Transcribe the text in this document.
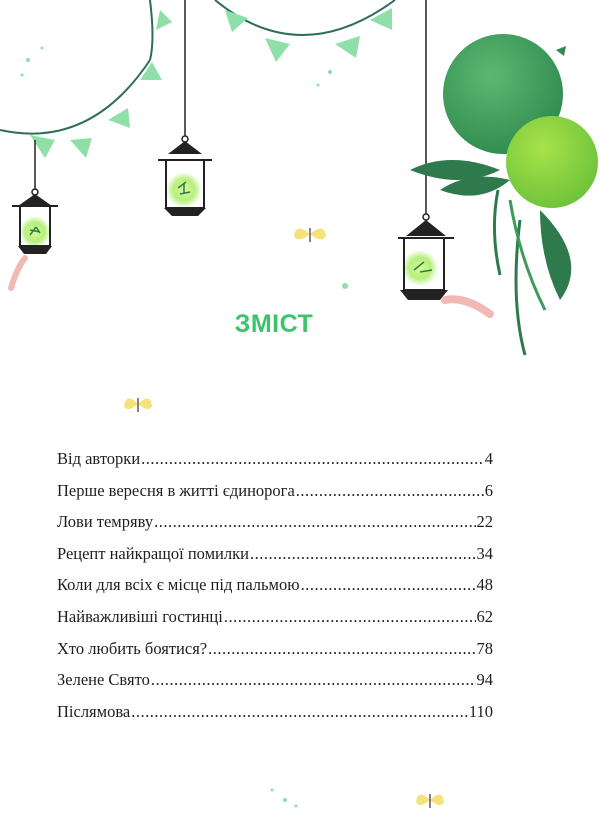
ЗМІСТ
Від авторки .....	4
Перше вересня в житті єдинорога .....	6
Лови темряву .....	22
Рецепт найкращої помилки .....	34
Коли для всіх є місце під пальмою .....	48
Найважливіші гостинці .....	62
Хто любить боятися? .....	78
Зелене Свято .....	94
Післямова .....	110
